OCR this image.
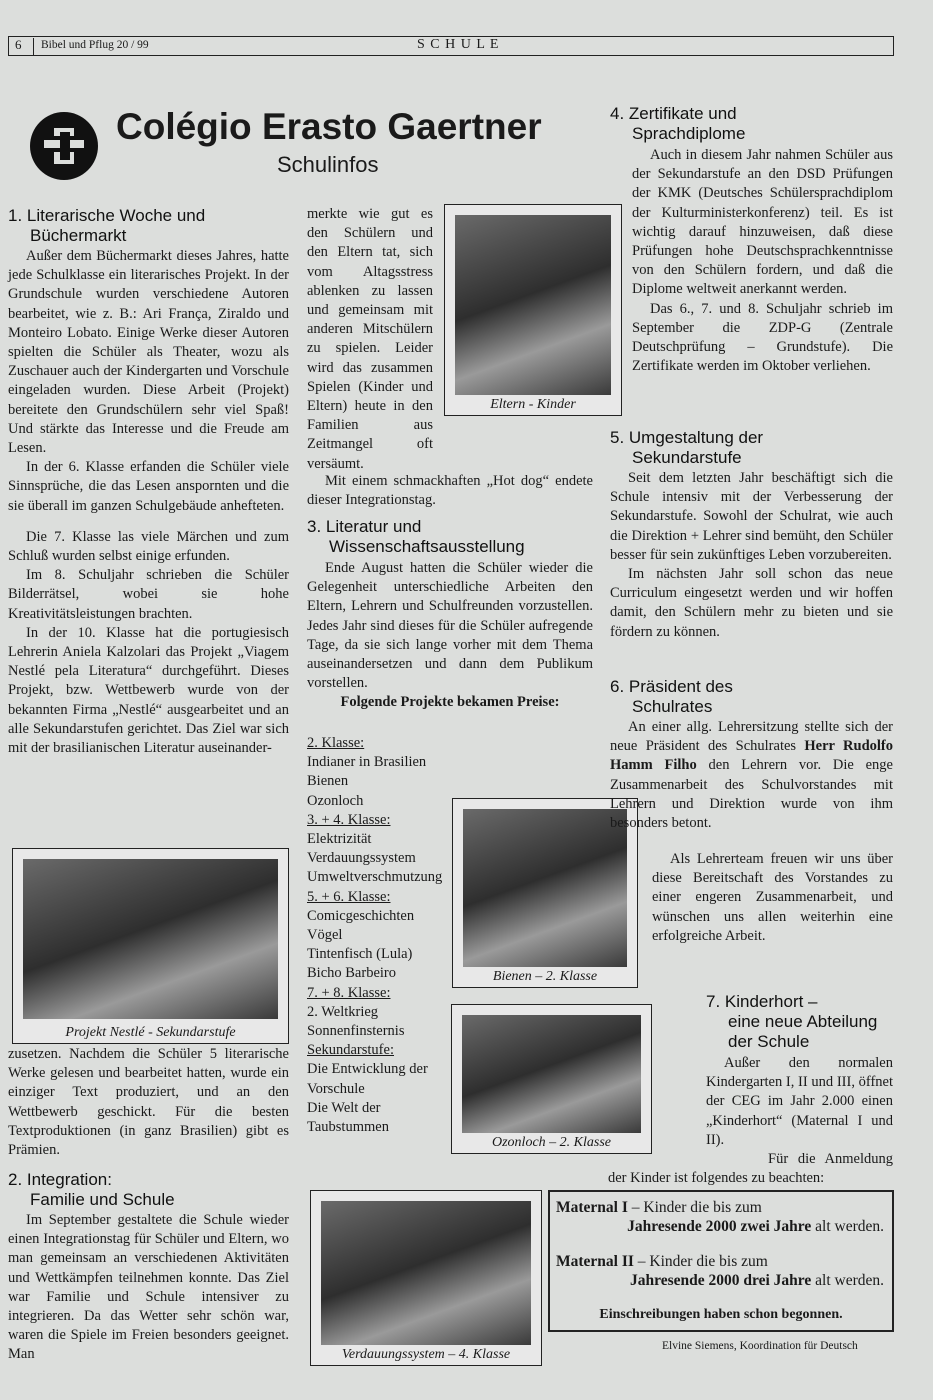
6 Bibel und Pflug 20 / 99	S C H U L E
Colégio Erasto Gaertner
Schulinfos
1. Literarische Woche und
Büchermarkt

Außer dem Büchermarkt dieses Jahres, hatte jede Schulklasse ein literarisches Projekt. In der Grundschule wurden verschiedene Autoren bearbeitet, wie z. B.: Ari França, Ziraldo und Monteiro Lobato. Einige Werke dieser Autoren spielten die Schüler als Theater, wozu als Zuschauer auch der Kindergarten und Vorschule eingeladen wurden. Diese Arbeit (Projekt) bereitete den Grundschülern sehr viel Spaß! Und stärkte das Interesse und die Freude am Lesen.

In der 6. Klasse erfanden die Schüler viele Sinnsprüche, die das Lesen anspornten und die sie überall im ganzen Schulgebäude anhefteten.

Die 7. Klasse las viele Märchen und zum Schluß wurden selbst einige erfunden.

Im 8. Schuljahr schrieben die Schüler Bilderrätsel, wobei sie hohe Kreativitätsleistungen brachten.

In der 10. Klasse hat die portugiesisch Lehrerin Aniela Kalzolari das Projekt „Viagem Nestlé pela Literatura“ durchgeführt. Dieses Projekt, bzw. Wettbewerb wurde von der bekannten Firma „Nestlé“ ausgearbeitet und an alle Sekundarstufen gerichtet. Das Ziel war sich mit der brasilianischen Literatur auseinander-

Projekt Nestlé - Sekundarstufe

zusetzen. Nachdem die Schüler 5 literarische Werke gelesen und bearbeitet hatten, wurde ein einziger Text produziert, und an den Wettbewerb geschickt. Für die besten Textproduktionen (in ganz Brasilien) gibt es Prämien.

2. Integration:
Familie und Schule

Im September gestaltete die Schule wieder einen Integrationstag für Schüler und Eltern, wo man gemeinsam an verschiedenen Aktivitäten und Wettkämpfen teilnehmen konnte. Das Ziel war Familie und Schule intensiver zu integrieren. Da das Wetter sehr schön war, waren die Spiele im Freien besonders geeignet. Man

merkte wie gut es den Schülern und den Eltern tat, sich vom Altagsstress ablenken zu lassen und gemeinsam mit anderen Mitschülern zu spielen. Leider wird das zusammen Spielen (Kinder und Eltern) heute in den Familien aus Zeitmangel oft versäumt.

Eltern - Kinder

Mit einem schmackhaften „Hot dog“ endete dieser Integrationstag.

3. Literatur und
Wissenschaftsausstellung

Ende August hatten die Schüler wieder die Gelegenheit unterschiedliche Arbeiten den Eltern, Lehrern und Schulfreunden vorzustellen. Jedes Jahr sind dieses für die Schüler aufregende Tage, da sie sich lange vorher mit dem Thema auseinandersetzen und dann dem Publikum vorstellen.

Folgende Projekte bekamen Preise:
2. Klasse:
Indianer in Brasilien
Bienen
Ozonloch
3. + 4. Klasse:
Elektrizität
Verdauungssystem
Umweltverschmutzung
5. + 6. Klasse:
Comicgeschichten
Vögel
Tintenfisch (Lula)
Bicho Barbeiro
7. + 8. Klasse:
2. Weltkrieg
Sonnenfinsternis
Sekundarstufe:
Die Entwicklung der Vorschule
Die Welt der Taubstummen
Bienen – 2. Klasse
Ozonloch – 2. Klasse
Verdauungssystem – 4. Klasse
4. Zertifikate und
Sprachdiplome

Auch in diesem Jahr nahmen Schüler aus der Sekundarstufe an den DSD Prüfungen der KMK (Deutsches Schülersprachdiplom der Kulturministerkonferenz) teil. Es ist wichtig darauf hinzuweisen, daß diese Prüfungen hohe Deutschsprachkenntnisse von den Schülern fordern, und daß die Diplome weltweit anerkannt werden.

Das 6., 7. und 8. Schuljahr schrieb im September die ZDP-G (Zentrale Deutschprüfung – Grundstufe). Die Zertifikate werden im Oktober verliehen.

5. Umgestaltung der
Sekundarstufe

Seit dem letzten Jahr beschäftigt sich die Schule intensiv mit der Verbesserung der Sekundarstufe. Sowohl der Schulrat, wie auch die Direktion + Lehrer sind bemüht, den Schüler besser für sein zukünftiges Leben vorzubereiten.

Im nächsten Jahr soll schon das neue Curriculum eingesetzt werden und wir hoffen damit, den Schülern mehr zu bieten und sie fördern zu können.

6. Präsident des
Schulrates

An einer allg. Lehrersitzung stellte sich der neue Präsident des Schulrates Herr Rudolfo Hamm Filho den Lehrern vor. Die enge Zusammenarbeit des Schulvorstandes mit Lehrern und Direktion wurde von ihm besonders betont.

Als Lehrerteam freuen wir uns über diese Bereitschaft des Vorstandes zu einer engeren Zusammenarbeit, und wünschen uns allen weiterhin eine erfolgreiche Arbeit.

7. Kinderhort –
eine neue Abteilung der Schule

Außer den normalen Kindergarten I, II und III, öffnet der CEG im Jahr 2.000 einen „Kinderhort“ (Maternal I und II).

Für die Anmeldung der Kinder ist folgendes zu beachten:

Maternal I – Kinder die bis zum
Jahresende 2000 zwei Jahre alt werden.
Maternal II – Kinder die bis zum
Jahresende 2000 drei Jahre alt werden.
Einschreibungen haben schon begonnen.
Elvine Siemens, Koordination für Deutsch
